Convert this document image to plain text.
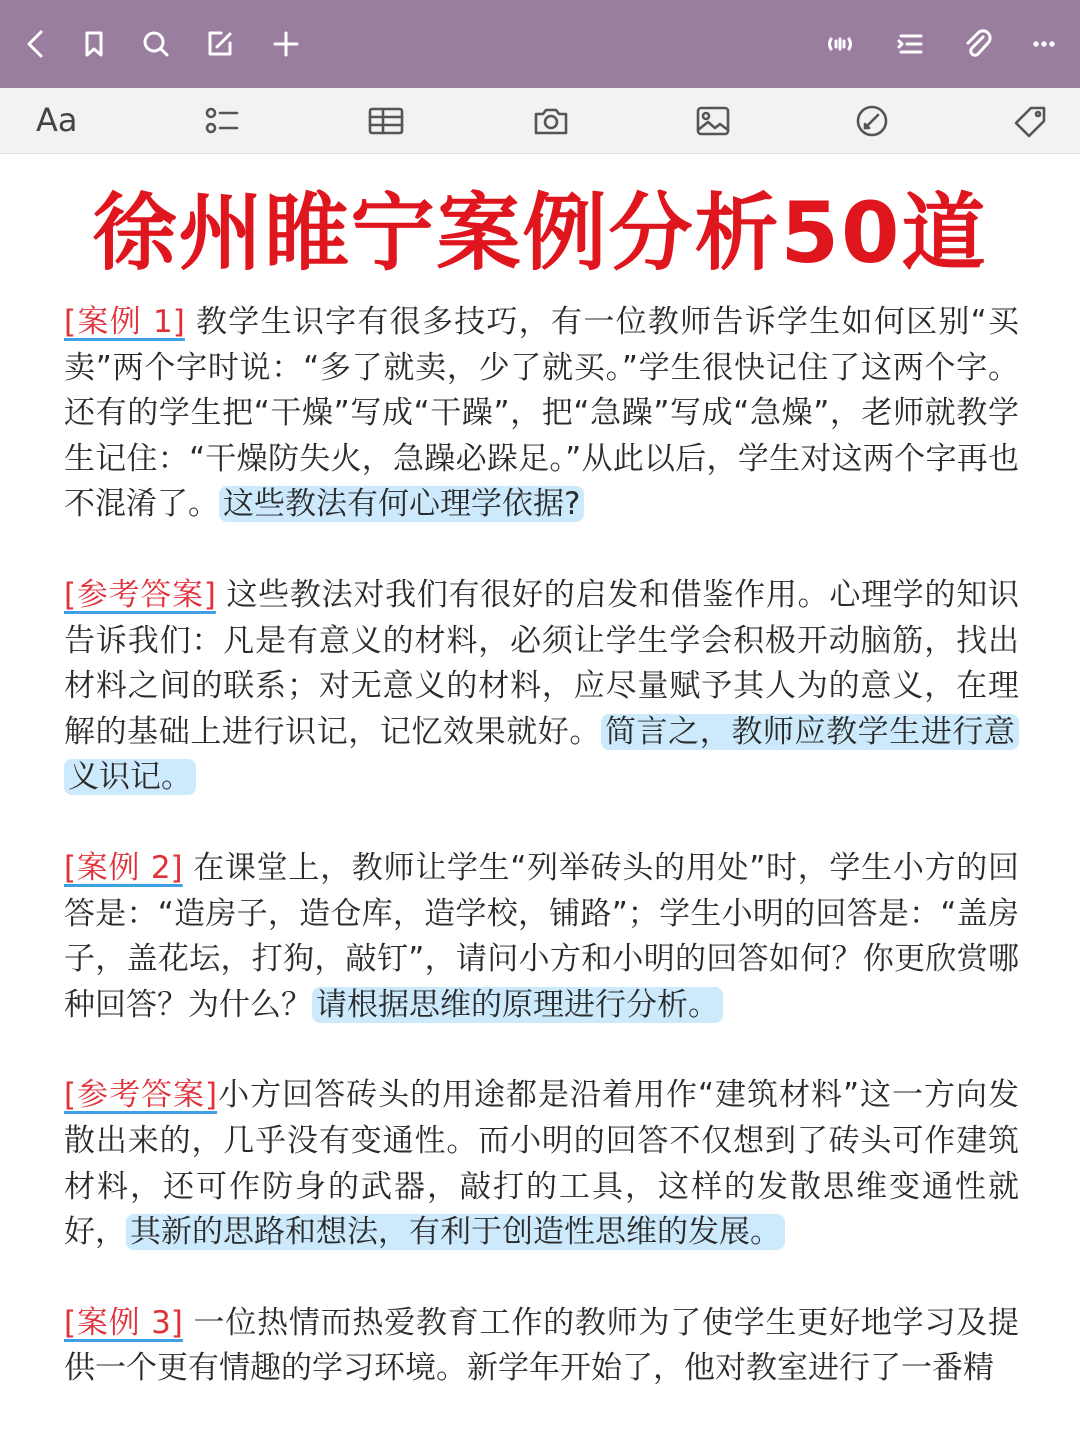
Aa
徐州睢宁案例分析50道

[案例 1] 教学生识字有很多技巧，有一位教师告诉学生如何区别“买卖”两个字时说：“多了就卖，少了就买。”学生很快记住了这两个字。还有的学生把“干燥”写成“干躁”，把“急躁”写成“急燥”，老师就教学生记住：“干燥防失火，急躁必跺足。”从此以后，学生对这两个字再也不混淆了。 这些教法有何心理学依据?

[参考答案] 这些教法对我们有很好的启发和借鉴作用。心理学的知识告诉我们：凡是有意义的材料，必须让学生学会积极开动脑筋，找出材料之间的联系；对无意义的材料，应尽量赋予其人为的意义，在理解的基础上进行识记，记忆效果就好。 简言之，教师应教学生进行意义识记。

[案例 2] 在课堂上，教师让学生“列举砖头的用处”时，学生小方的回答是：“造房子，造仓库，造学校，铺路”；学生小明的回答是：“盖房子，盖花坛，打狗，敲钉”，请问小方和小明的回答如何？你更欣赏哪种回答？为什么？ 请根据思维的原理进行分析。

[参考答案]小方回答砖头的用途都是沿着用作“建筑材料”这一方向发散出来的，几乎没有变通性。而小明的回答不仅想到了砖头可作建筑材料，还可作防身的武器，敲打的工具，这样的发散思维变通性就好， 其新的思路和想法，有利于创造性思维的发展。

[案例 3] 一位热情而热爱教育工作的教师为了使学生更好地学习及提供一个更有情趣的学习环境。新学年开始了，他对教室进行了一番精
